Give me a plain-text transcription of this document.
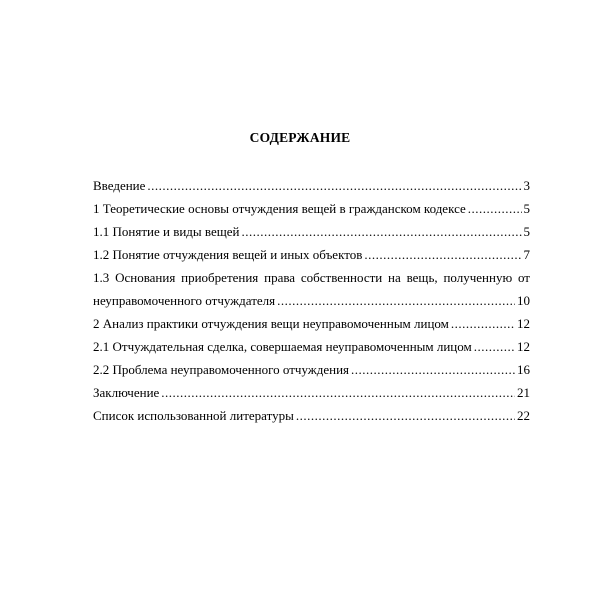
СОДЕРЖАНИЕ
Введение .....	3
1 Теоретические основы отчуждения вещей в гражданском кодексе .....	5
1.1 Понятие и виды вещей .....	5
1.2 Понятие отчуждения вещей и иных объектов .....	7
1.3 Основания приобретения права собственности на вещь, полученную от
неуправомоченного отчуждателя .....	10
2 Анализ практики отчуждения вещи неуправомоченным лицом .....	12
2.1 Отчуждательная сделка, совершаемая неуправомоченным лицом .....	12
2.2 Проблема неуправомоченного отчуждения .....	16
Заключение .....	21
Список использованной литературы .....	22
